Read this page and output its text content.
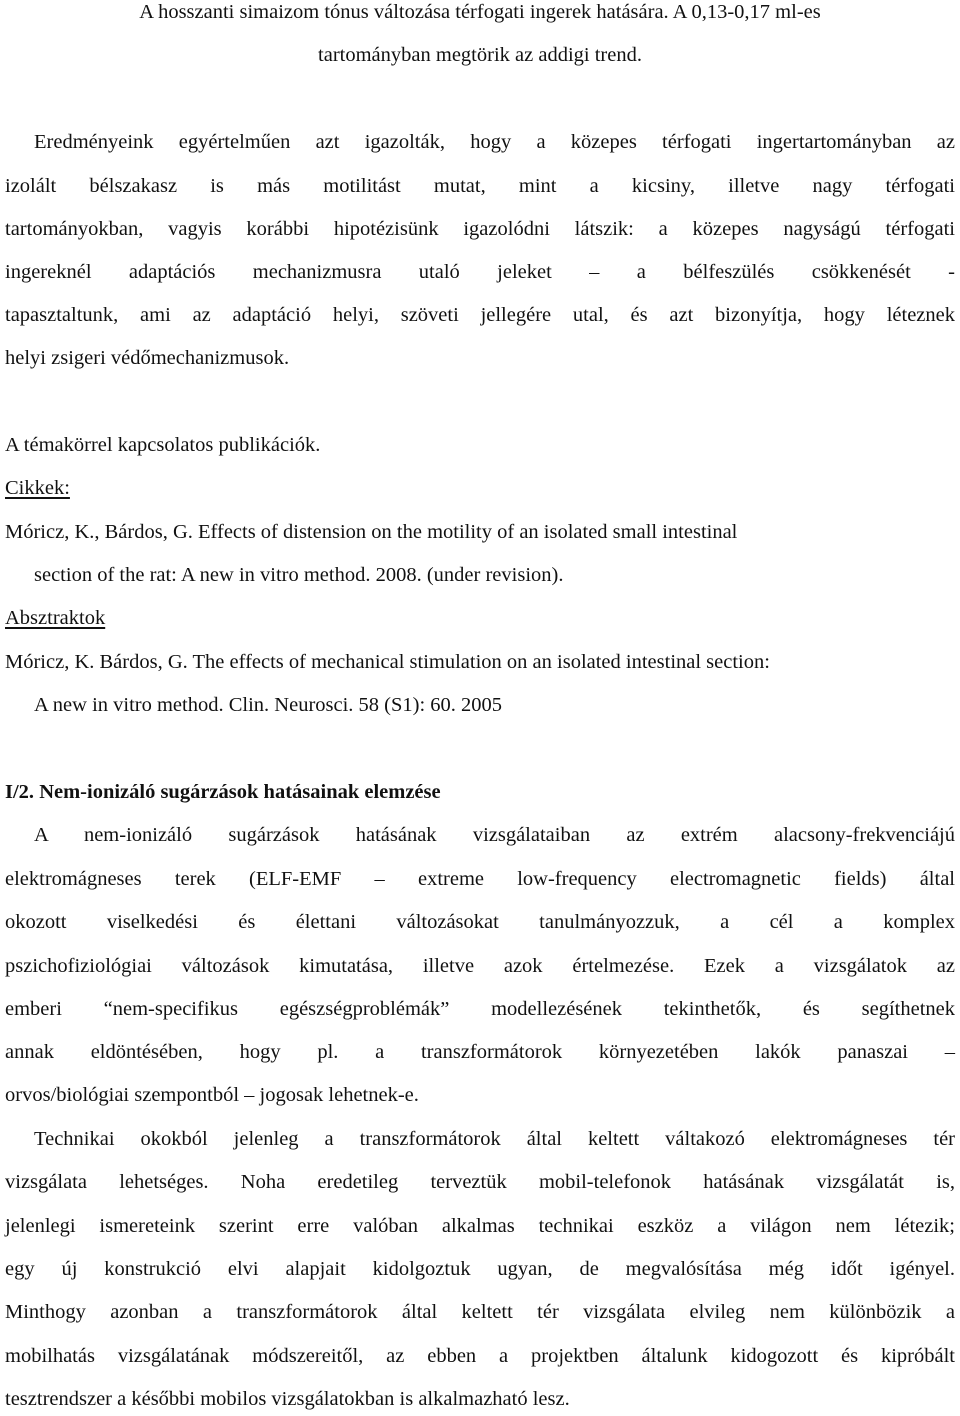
A hosszanti simaizom tónus változása térfogati ingerek hatására. A 0,13-0,17 ml-es
tartományban megtörik az addigi trend.
Eredményeink egyértelműen azt igazolták, hogy a közepes térfogati ingertartományban az
izolált bélszakasz is más motilitást mutat, mint a kicsiny, illetve nagy térfogati
tartományokban, vagyis korábbi hipotézisünk igazolódni látszik: a közepes nagyságú térfogati
ingereknél adaptációs mechanizmusra utaló jeleket – a bélfeszülés csökkenését -
tapasztaltunk, ami az adaptáció helyi, szöveti jellegére utal, és azt bizonyítja, hogy léteznek
helyi zsigeri védőmechanizmusok.
A témakörrel kapcsolatos publikációk.
Cikkek:
Móricz, K., Bárdos, G. Effects of distension on the motility of an isolated small intestinal
section of the rat: A new in vitro method. 2008. (under revision).
Absztraktok
Móricz, K. Bárdos, G. The effects of mechanical stimulation on an isolated intestinal section:
A new in vitro method. Clin. Neurosci. 58 (S1): 60. 2005
I/2. Nem-ionizáló sugárzások hatásainak elemzése
A nem-ionizáló sugárzások hatásának vizsgálataiban az extrém alacsony-frekvenciájú
elektromágneses terek (ELF-EMF – extreme low-frequency electromagnetic fields) által
okozott viselkedési és élettani változásokat tanulmányozzuk, a cél a komplex
pszichofiziológiai változások kimutatása, illetve azok értelmezése. Ezek a vizsgálatok az
emberi “nem-specifikus egészségproblémák” modellezésének tekinthetők, és segíthetnek
annak eldöntésében, hogy pl. a transzformátorok környezetében lakók panaszai –
orvos/biológiai szempontból – jogosak lehetnek-e.
Technikai okokból jelenleg a transzformátorok által keltett váltakozó elektromágneses tér
vizsgálata lehetséges. Noha eredetileg terveztük mobil-telefonok hatásának vizsgálatát is,
jelenlegi ismereteink szerint erre valóban alkalmas technikai eszköz a világon nem létezik;
egy új konstrukció elvi alapjait kidolgoztuk ugyan, de megvalósítása még időt igényel.
Minthogy azonban a transzformátorok által keltett tér vizsgálata elvileg nem különbözik a
mobilhatás vizsgálatának módszereitől, az ebben a projektben általunk kidogozott és kipróbált
tesztrendszer a későbbi mobilos vizsgálatokban is alkalmazható lesz.
